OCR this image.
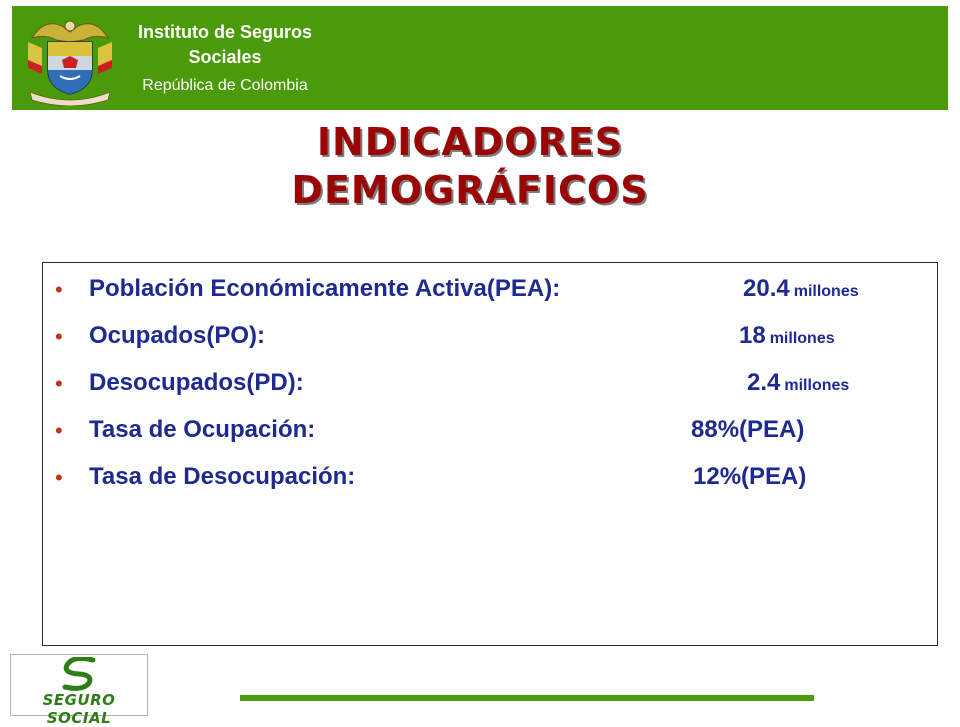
Instituto de Seguros
Sociales
República de Colombia
INDICADORES
DEMOGRÁFICOS
• Población Económicamente Activa(PEA):	20.4 millones
• Ocupados(PO):	18 millones
• Desocupados(PD):	2.4 millones
• Tasa de Ocupación:	88%(PEA)
• Tasa de Desocupación:	12%(PEA)
SEGURO SOCIAL
